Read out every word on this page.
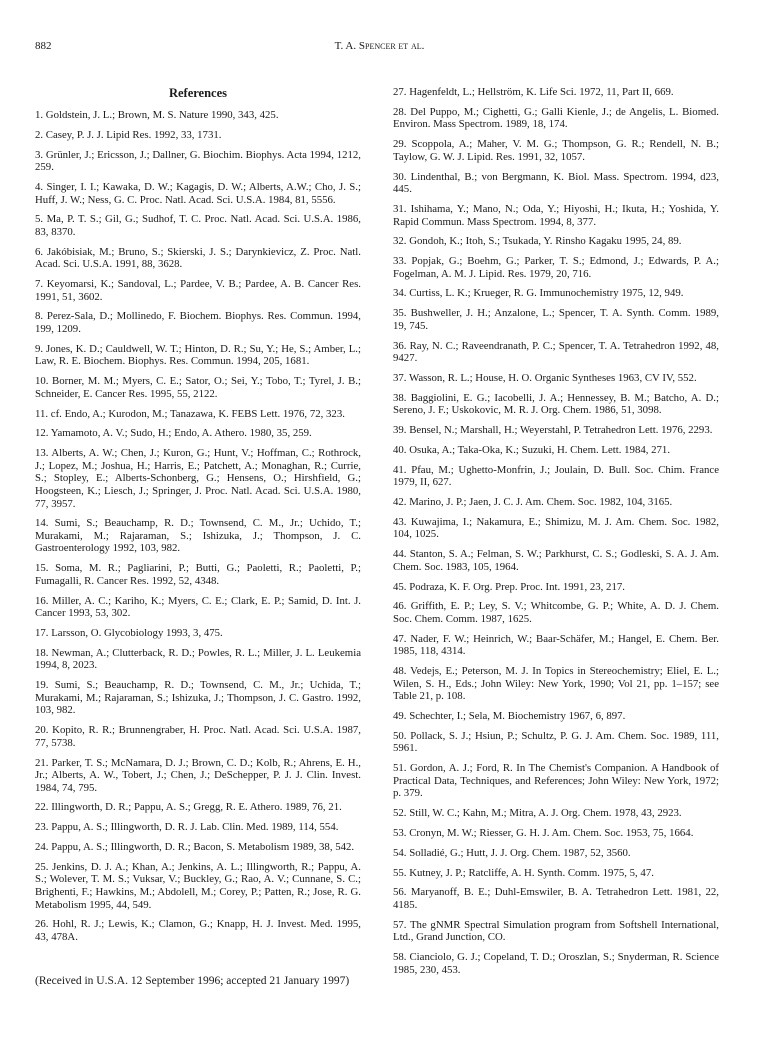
882	T. A. Spencer et al.
References

1. Goldstein, J. L.; Brown, M. S. Nature 1990, 343, 425.

2. Casey, P. J. J. Lipid Res. 1992, 33, 1731.

3. Grünler, J.; Ericsson, J.; Dallner, G. Biochim. Biophys. Acta 1994, 1212, 259.

4. Singer, I. I.; Kawaka, D. W.; Kagagis, D. W.; Alberts, A.W.; Cho, J. S.; Huff, J. W.; Ness, G. C. Proc. Natl. Acad. Sci. U.S.A. 1984, 81, 5556.

5. Ma, P. T. S.; Gil, G.; Sudhof, T. C. Proc. Natl. Acad. Sci. U.S.A. 1986, 83, 8370.

6. Jakóbisiak, M.; Bruno, S.; Skierski, J. S.; Darynkievicz, Z. Proc. Natl. Acad. Sci. U.S.A. 1991, 88, 3628.

7. Keyomarsi, K.; Sandoval, L.; Pardee, V. B.; Pardee, A. B. Cancer Res. 1991, 51, 3602.

8. Perez-Sala, D.; Mollinedo, F. Biochem. Biophys. Res. Commun. 1994, 199, 1209.

9. Jones, K. D.; Cauldwell, W. T.; Hinton, D. R.; Su, Y.; He, S.; Amber, L.; Law, R. E. Biochem. Biophys. Res. Commun. 1994, 205, 1681.

10. Borner, M. M.; Myers, C. E.; Sator, O.; Sei, Y.; Tobo, T.; Tyrel, J. B.; Schneider, E. Cancer Res. 1995, 55, 2122.

11. cf. Endo, A.; Kurodon, M.; Tanazawa, K. FEBS Lett. 1976, 72, 323.

12. Yamamoto, A. V.; Sudo, H.; Endo, A. Athero. 1980, 35, 259.

13. Alberts, A. W.; Chen, J.; Kuron, G.; Hunt, V.; Hoffman, C.; Rothrock, J.; Lopez, M.; Joshua, H.; Harris, E.; Patchett, A.; Monaghan, R.; Currie, S.; Stopley, E.; Alberts-Schonberg, G.; Hensens, O.; Hirshfield, G.; Hoogsteen, K.; Liesch, J.; Springer, J. Proc. Natl. Acad. Sci. U.S.A. 1980, 77, 3957.

14. Sumi, S.; Beauchamp, R. D.; Townsend, C. M., Jr.; Uchido, T.; Murakami, M.; Rajaraman, S.; Ishizuka, J.; Thompson, J. C. Gastroenterology 1992, 103, 982.

15. Soma, M. R.; Pagliarini, P.; Butti, G.; Paoletti, R.; Paoletti, P.; Fumagalli, R. Cancer Res. 1992, 52, 4348.

16. Miller, A. C.; Kariho, K.; Myers, C. E.; Clark, E. P.; Samid, D. Int. J. Cancer 1993, 53, 302.

17. Larsson, O. Glycobiology 1993, 3, 475.

18. Newman, A.; Clutterback, R. D.; Powles, R. L.; Miller, J. L. Leukemia 1994, 8, 2023.

19. Sumi, S.; Beauchamp, R. D.; Townsend, C. M., Jr.; Uchida, T.; Murakami, M.; Rajaraman, S.; Ishizuka, J.; Thompson, J. C. Gastro. 1992, 103, 982.

20. Kopito, R. R.; Brunnengraber, H. Proc. Natl. Acad. Sci. U.S.A. 1987, 77, 5738.

21. Parker, T. S.; McNamara, D. J.; Brown, C. D.; Kolb, R.; Ahrens, E. H., Jr.; Alberts, A. W., Tobert, J.; Chen, J.; DeSchepper, P. J. J. Clin. Invest. 1984, 74, 795.

22. Illingworth, D. R.; Pappu, A. S.; Gregg, R. E. Athero. 1989, 76, 21.

23. Pappu, A. S.; Illingworth, D. R. J. Lab. Clin. Med. 1989, 114, 554.

24. Pappu, A. S.; Illingworth, D. R.; Bacon, S. Metabolism 1989, 38, 542.

25. Jenkins, D. J. A.; Khan, A.; Jenkins, A. L.; Illingworth, R.; Pappu, A. S.; Wolever, T. M. S.; Vuksar, V.; Buckley, G.; Rao, A. V.; Cunnane, S. C.; Brighenti, F.; Hawkins, M.; Abdolell, M.; Corey, P.; Patten, R.; Jose, R. G. Metabolism 1995, 44, 549.

26. Hohl, R. J.; Lewis, K.; Clamon, G.; Knapp, H. J. Invest. Med. 1995, 43, 478A.

27. Hagenfeldt, L.; Hellström, K. Life Sci. 1972, 11, Part II, 669.

28. Del Puppo, M.; Cighetti, G.; Galli Kienle, J.; de Angelis, L. Biomed. Environ. Mass Spectrom. 1989, 18, 174.

29. Scoppola, A.; Maher, V. M. G.; Thompson, G. R.; Rendell, N. B.; Taylow, G. W. J. Lipid. Res. 1991, 32, 1057.

30. Lindenthal, B.; von Bergmann, K. Biol. Mass. Spectrom. 1994, d23, 445.

31. Ishihama, Y.; Mano, N.; Oda, Y.; Hiyoshi, H.; Ikuta, H.; Yoshida, Y. Rapid Commun. Mass Spectrom. 1994, 8, 377.

32. Gondoh, K.; Itoh, S.; Tsukada, Y. Rinsho Kagaku 1995, 24, 89.

33. Popjak, G.; Boehm, G.; Parker, T. S.; Edmond, J.; Edwards, P. A.; Fogelman, A. M. J. Lipid. Res. 1979, 20, 716.

34. Curtiss, L. K.; Krueger, R. G. Immunochemistry 1975, 12, 949.

35. Bushweller, J. H.; Anzalone, L.; Spencer, T. A. Synth. Comm. 1989, 19, 745.

36. Ray, N. C.; Raveendranath, P. C.; Spencer, T. A. Tetrahedron 1992, 48, 9427.

37. Wasson, R. L.; House, H. O. Organic Syntheses 1963, CV IV, 552.

38. Baggiolini, E. G.; Iacobelli, J. A.; Hennessey, B. M.; Batcho, A. D.; Sereno, J. F.; Uskokovic, M. R. J. Org. Chem. 1986, 51, 3098.

39. Bensel, N.; Marshall, H.; Weyerstahl, P. Tetrahedron Lett. 1976, 2293.

40. Osuka, A.; Taka-Oka, K.; Suzuki, H. Chem. Lett. 1984, 271.

41. Pfau, M.; Ughetto-Monfrin, J.; Joulain, D. Bull. Soc. Chim. France 1979, II, 627.

42. Marino, J. P.; Jaen, J. C. J. Am. Chem. Soc. 1982, 104, 3165.

43. Kuwajima, I.; Nakamura, E.; Shimizu, M. J. Am. Chem. Soc. 1982, 104, 1025.

44. Stanton, S. A.; Felman, S. W.; Parkhurst, C. S.; Godleski, S. A. J. Am. Chem. Soc. 1983, 105, 1964.

45. Podraza, K. F. Org. Prep. Proc. Int. 1991, 23, 217.

46. Griffith, E. P.; Ley, S. V.; Whitcombe, G. P.; White, A. D. J. Chem. Soc. Chem. Comm. 1987, 1625.

47. Nader, F. W.; Heinrich, W.; Baar-Schäfer, M.; Hangel, E. Chem. Ber. 1985, 118, 4314.

48. Vedejs, E.; Peterson, M. J. In Topics in Stereochemistry; Eliel, E. L.; Wilen, S. H., Eds.; John Wiley: New York, 1990; Vol 21, pp. 1–157; see Table 21, p. 108.

49. Schechter, I.; Sela, M. Biochemistry 1967, 6, 897.

50. Pollack, S. J.; Hsiun, P.; Schultz, P. G. J. Am. Chem. Soc. 1989, 111, 5961.

51. Gordon, A. J.; Ford, R. In The Chemist's Companion. A Handbook of Practical Data, Techniques, and References; John Wiley: New York, 1972; p. 379.

52. Still, W. C.; Kahn, M.; Mitra, A. J. Org. Chem. 1978, 43, 2923.

53. Cronyn, M. W.; Riesser, G. H. J. Am. Chem. Soc. 1953, 75, 1664.

54. Solladié, G.; Hutt, J. J. Org. Chem. 1987, 52, 3560.

55. Kutney, J. P.; Ratcliffe, A. H. Synth. Comm. 1975, 5, 47.

56. Maryanoff, B. E.; Duhl-Emswiler, B. A. Tetrahedron Lett. 1981, 22, 4185.

57. The gNMR Spectral Simulation program from Softshell International, Ltd., Grand Junction, CO.

58. Cianciolo, G. J.; Copeland, T. D.; Oroszlan, S.; Snyderman, R. Science 1985, 230, 453.

(Received in U.S.A. 12 September 1996; accepted 21 January 1997)
